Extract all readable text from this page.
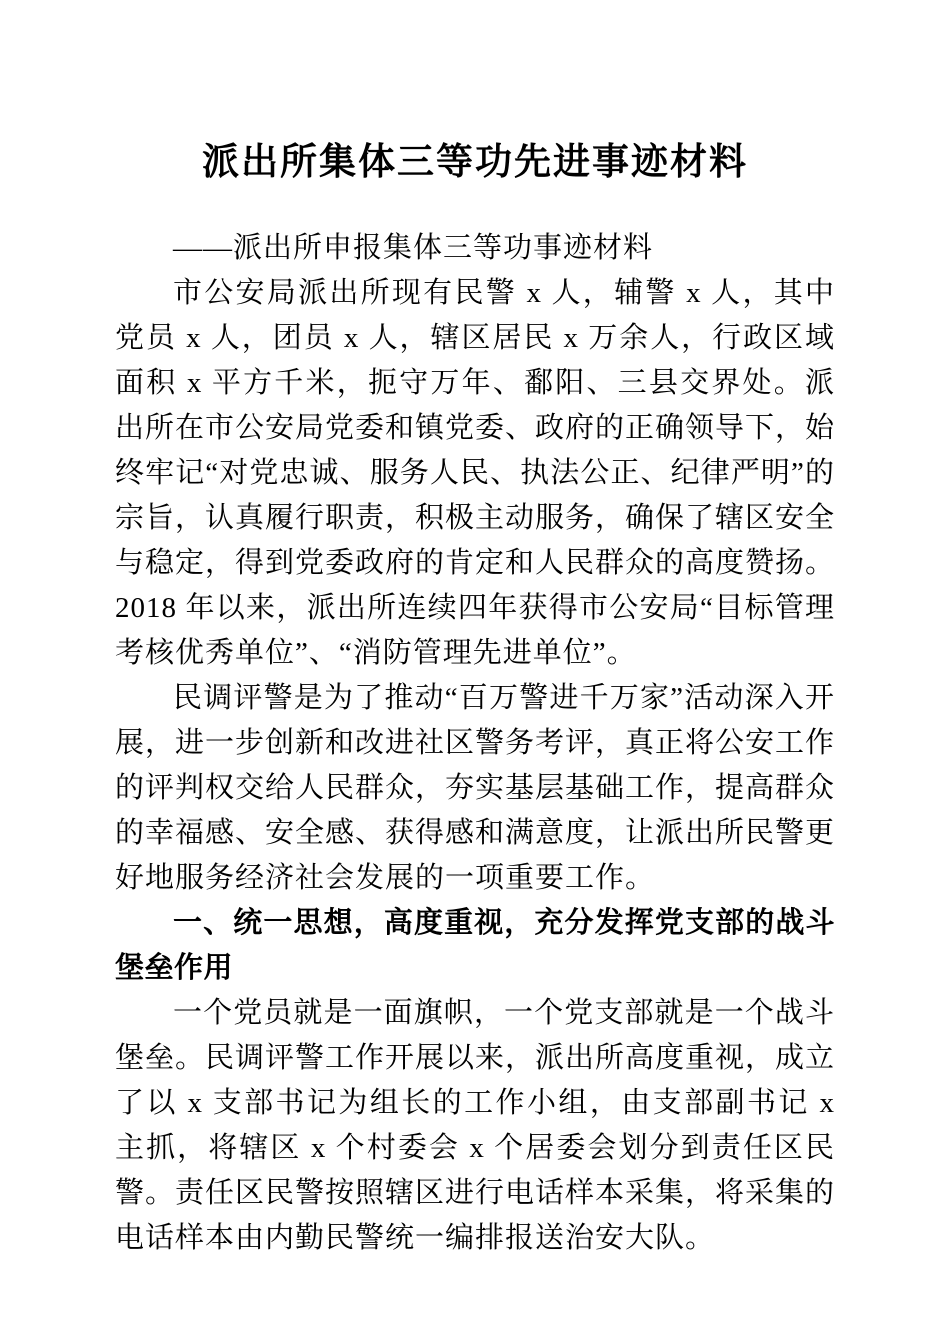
派出所集体三等功先进事迹材料

——派出所申报集体三等功事迹材料

市公安局派出所现有民警 x 人，辅警 x 人，其中党员 x 人，团员 x 人，辖区居民 x 万余人，行政区域面积 x 平方千米，扼守万年、鄱阳、三县交界处。派出所在市公安局党委和镇党委、政府的正确领导下，始终牢记“对党忠诚、服务人民、执法公正、纪律严明”的宗旨，认真履行职责，积极主动服务，确保了辖区安全与稳定，得到党委政府的肯定和人民群众的高度赞扬。2018 年以来，派出所连续四年获得市公安局“目标管理考核优秀单位”、“消防管理先进单位”。

民调评警是为了推动“百万警进千万家”活动深入开展，进一步创新和改进社区警务考评，真正将公安工作的评判权交给人民群众，夯实基层基础工作，提高群众的幸福感、安全感、获得感和满意度，让派出所民警更好地服务经济社会发展的一项重要工作。

一、统一思想，高度重视，充分发挥党支部的战斗堡垒作用

一个党员就是一面旗帜，一个党支部就是一个战斗堡垒。民调评警工作开展以来，派出所高度重视，成立了以 x 支部书记为组长的工作小组，由支部副书记 x 主抓，将辖区 x 个村委会 x 个居委会划分到责任区民警。责任区民警按照辖区进行电话样本采集，将采集的电话样本由内勤民警统一编排报送治安大队。
